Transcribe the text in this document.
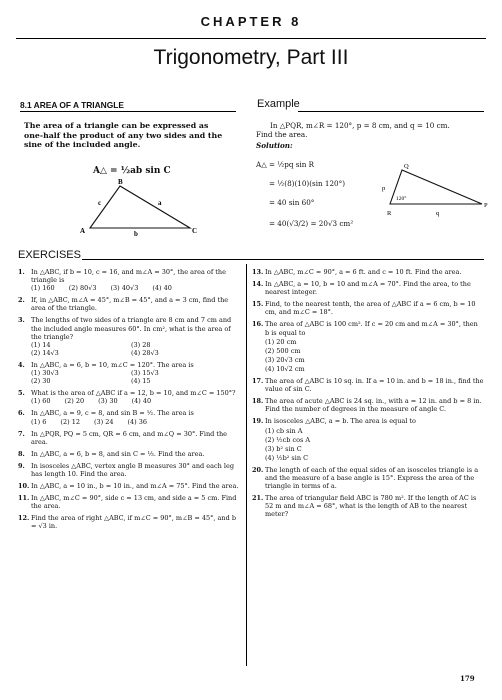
CHAPTER 8
Trigonometry, Part III
8.1 AREA OF A TRIANGLE
The area of a triangle can be expressed as
one-half the product of any two sides and the
sine of the included angle.
A△ = ½ab sin C
A
B
C
a
b
c
Example
In △PQR, m∠R = 120°, p = 8 cm, and q = 10 cm.
Find the area.
Solution:
A△ = ½pq sin R
= ½(8)(10)(sin 120°)
= 40 sin 60°
= 40(√3/2) = 20√3 cm²
Q
R
P
p
q
120°
EXERCISES
1. In △ABC, if b = 10, c = 16, and m∠A = 30°, the area of the triangle is
(1) 160 (2) 80√3 (3) 40√3 (4) 40
2. If, in △ABC, m∠A = 45°, m∠B = 45°, and a = 3 cm, find the area of the triangle.
3. The lengths of two sides of a triangle are 8 cm and 7 cm and the included angle measures 60°. In cm², what is the area of the triangle?
(1) 14	(3) 28
(2) 14√3	(4) 28√3
4. In △ABC, a = 6, b = 10, m∠C = 120°. The area is
(1) 30√3	(3) 15√3
(2) 30	(4) 15
5. What is the area of △ABC if a = 12, b = 10, and m∠C = 150°?
(1) 60 (2) 20 (3) 30 (4) 40
6. In △ABC, a = 9, c = 8, and sin B = ½. The area is
(1) 6 (2) 12 (3) 24 (4) 36
7. In △PQR, PQ = 5 cm, QR = 6 cm, and m∠Q = 30°. Find the area.
8. In △ABC, a = 6, b = 8, and sin C = ⅓. Find the area.
9. In isosceles △ABC, vertex angle B measures 30° and each leg has length 10. Find the area.
10. In △ABC, a = 10 in., b = 10 in., and m∠A = 75°. Find the area.
11. In △ABC, m∠C = 90°, side c = 13 cm, and side a = 5 cm. Find the area.
12. Find the area of right △ABC, if m∠C = 90°, m∠B = 45°, and b = √3 in.
13. In △ABC, m∠C = 90°, a = 6 ft. and c = 10 ft. Find the area.
14. In △ABC, a = 10, b = 10 and m∠A = 70°. Find the area, to the nearest integer.
15. Find, to the nearest tenth, the area of △ABC if a = 6 cm, b = 10 cm, and m∠C = 18°.
16. The area of △ABC is 100 cm². If c = 20 cm and m∠A = 30°, then b is equal to
(1) 20 cm
(2) 500 cm
(3) 20√3 cm
(4) 10√2 cm
17. The area of △ABC is 10 sq. in. If a = 10 in. and b = 18 in., find the value of sin C.
18. The area of acute △ABC is 24 sq. in., with a = 12 in. and b = 8 in. Find the number of degrees in the measure of angle C.
19. In isosceles △ABC, a = b. The area is equal to
(1) cb sin A
(2) ½cb cos A
(3) b² sin C
(4) ½b² sin C
20. The length of each of the equal sides of an isosceles triangle is a and the measure of a base angle is 15°. Express the area of the triangle in terms of a.
21. The area of triangular field ABC is 780 m². If the length of AC is 52 m and m∠A = 68°, what is the length of AB to the nearest meter?
179
